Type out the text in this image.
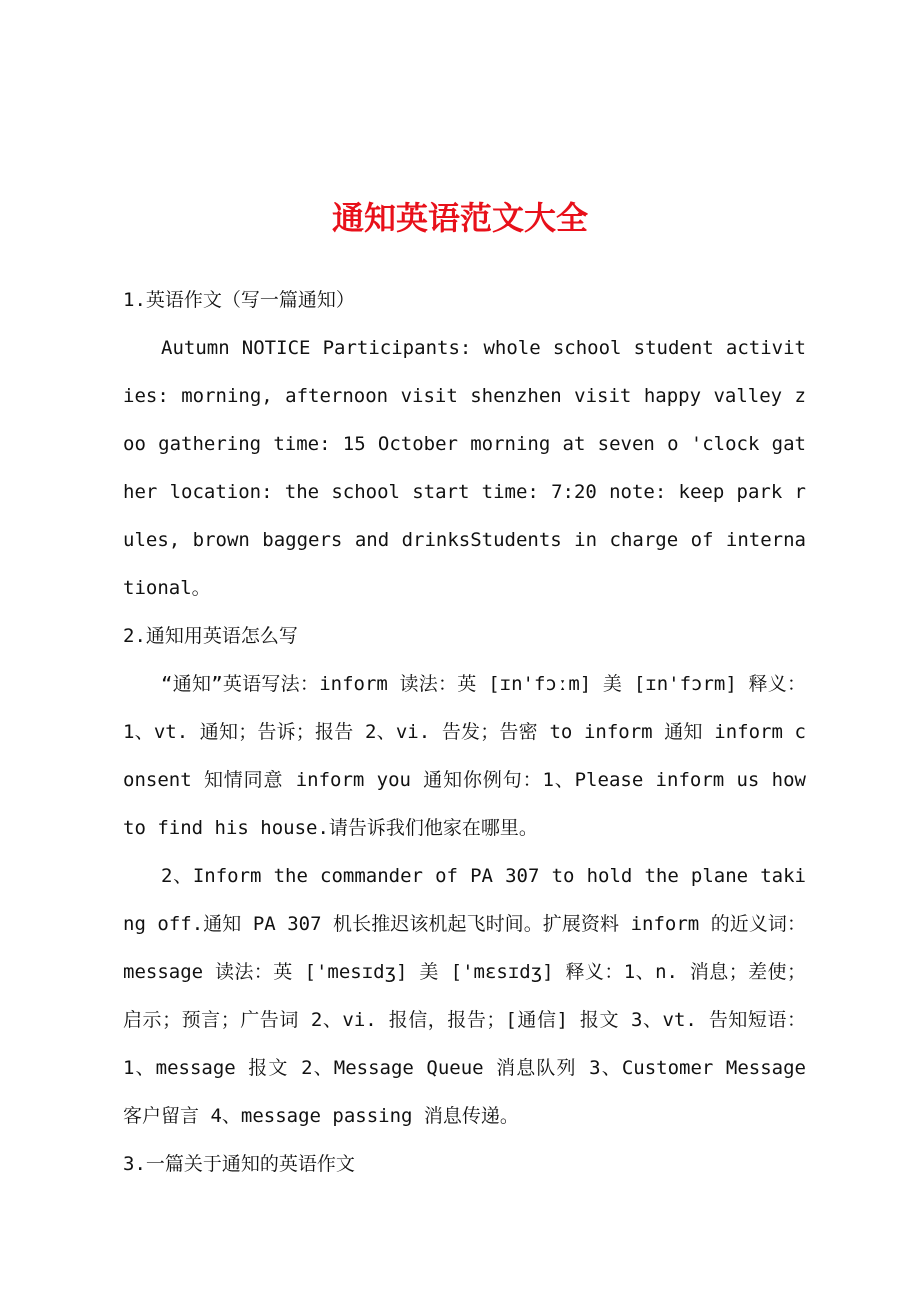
通知英语范文大全
1.英语作文（写一篇通知）

Autumn NOTICE Participants: whole school student activities: morning, afternoon visit shenzhen visit happy valley zoo gathering time: 15 October morning at seven o 'clock gather location: the school start time: 7:20 note: keep park rules, brown baggers and drinksStudents in charge of international。

2.通知用英语怎么写

“通知”英语写法：inform 读法：英 [ɪn'fɔːm] 美 [ɪn'fɔrm] 释义：1、vt. 通知；告诉；报告 2、vi. 告发；告密 to inform 通知 inform consent 知情同意 inform you 通知你例句：1、Please inform us how to find his house.请告诉我们他家在哪里。

2、Inform the commander of PA 307 to hold the plane taking off.通知 PA 307 机长推迟该机起飞时间。扩展资料 inform 的近义词：message 读法：英 ['mesɪdʒ] 美 ['mɛsɪdʒ] 释义：1、n. 消息；差使；启示；预言；广告词 2、vi. 报信，报告；[通信] 报文 3、vt. 告知短语：1、message 报文 2、Message Queue 消息队列 3、Customer Message 客户留言 4、message passing 消息传递。

3.一篇关于通知的英语作文
